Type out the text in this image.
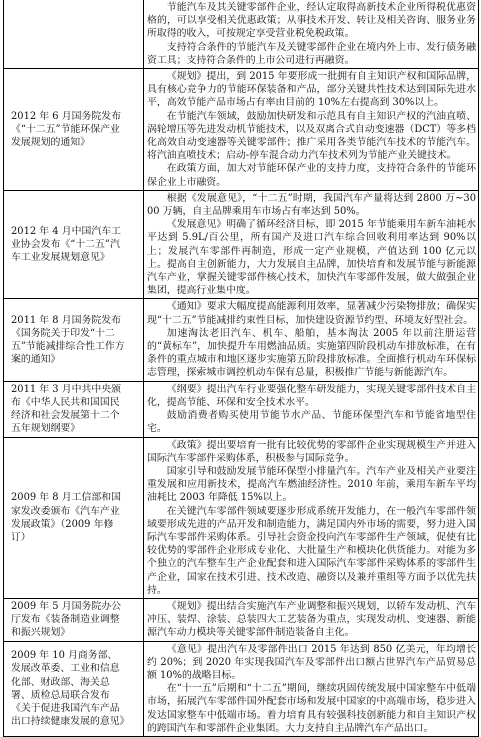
	节能汽车及其关键零部件企业，经认定取得高新技术企业所得税优惠资格的，可以享受相关优惠政策；从事技术开发、转让及相关咨询、服务业务所取得的收入，可按规定享受营业税免税政策。

支持符合条件的节能汽车及关键零部件企业在境内外上市、发行债务融资工具；支持符合条件的上市公司进行再融资。

2012 年 6 月国务院发布《“十二五”节能环保产业发展规划的通知》	《规划》提出，到 2015 年要形成一批拥有自主知识产权和国际品牌，具有核心竞争力的节能环保装备和产品，部分关键共性技术达到国际先进水平，高效节能产品市场占有率由目前的 10%左右提高到 30%以上。

在节能汽车领域，鼓励加快研发和示范具有自主知识产权的汽油直喷、涡轮增压等先进发动机节能技术，以及双离合式自动变速器（DCT）等多档化高效自动变速器等关键零部件；推广采用各类节能汽车技术的节能汽车。将汽油直喷技术；启动-停车混合动力汽车技术列为节能产业关键技术。

在政策方面，加大对节能环保产业的支持力度，支持符合条件的节能环保企业上市融资。

2012 年 4 月中国汽车工业协会发布《“十二五”汽车工业发展规划意见》	根据《发展意见》，“十二五”时期，我国汽车产量将达到 2800 万~3000 万辆，自主品牌乘用车市场占有率达到 50%。

《发展意见》明确了循环经济目标，即 2015 年节能乘用车新车油耗水平达到 5.9L/百公里，所有国产及进口汽车综合回收利用率达到 90%以上；发展汽车零部件再制造，形成一定产业规模，产值达到 100 亿元以上。提高自主创新能力，大力发展自主品牌，加快培育和发展节能与新能源汽车产业，掌握关键零部件核心技术，加快汽车零部件发展，做大做强企业集团，提高行业集中度。

2011 年 8 月国务院发布《国务院关于印发“十二五”节能减排综合性工作方案的通知》	《通知》要求大幅度提高能源利用效率，显著减少污染物排放；确保实现“十二五”节能减排约束性目标，加快建设资源节约型、环境友好型社会。

加速淘汰老旧汽车、机车、船舶，基本淘汰 2005 年以前注册运营的“黄标车”，加快提升车用燃油品质。实施第四阶段机动车排放标准，在有条件的重点城市和地区逐步实施第五阶段排放标准。全面推行机动车环保标志管理，探索城市调控机动车保有总量，积极推广节能与新能源汽车。

2011 年 3 月中共中央颁布《中华人民共和国国民经济和社会发展第十二个五年规划纲要》	《纲要》提出汽车行业要强化整车研发能力，实现关键零部件技术自主化，提高节能、环保和安全技术水平。

鼓励消费者购买使用节能节水产品、节能环保型汽车和节能省地型住宅。

2009 年 8 月工信部和国家发改委颁布《汽车产业发展政策》（2009 年修订）	《政策》提出要培育一批有比较优势的零部件企业实现规模生产并进入国际汽车零部件采购体系，积极参与国际竞争。

国家引导和鼓励发展节能环保型小排量汽车。汽车产业及相关产业要注重发展和应用新技术，提高汽车燃油经济性。2010 年前，乘用车新车平均油耗比 2003 年降低 15%以上。

在关键汽车零部件领域要逐步形成系统开发能力，在一般汽车零部件领域要形成先进的产品开发和制造能力，满足国内外市场的需要，努力进入国际汽车零部件采购体系。引导社会资金投向汽车零部件生产领域，促使有比较优势的零部件企业形成专业化、大批量生产和模块化供货能力。对能为多个独立的汽车整车生产企业配套和进入国际汽车零部件采购体系的零部件生产企业，国家在技术引进、技术改造、融资以及兼并重组等方面予以优先扶持。

2009 年 5 月国务院办公厅发布《装备制造业调整和振兴规划》	《规划》提出结合实施汽车产业调整和振兴规划，以轿车发动机、汽车冲压、装焊、涂装、总装四大工艺装备为重点，实现发动机、变速器、新能源汽车动力模块等关键零部件制造装备自主化。

2009 年 10 月商务部、发展改革委、工业和信息化部、财政部、海关总署、质检总局联合发布《关于促进我国汽车产品出口持续健康发展的意见》	《意见》提出汽车及零部件出口 2015 年达到 850 亿美元，年均增长约 20%；到 2020 年实现我国汽车及零部件出口额占世界汽车产品贸易总额 10%的战略目标。

在“十一五”后期和“十二五”期间，继续巩固传统发展中国家整车中低端市场，拓展汽车零部件国外配套市场和发展中国家的中高端市场，稳步进入发达国家整车中低端市场。着力培育具有较强科技创新能力和自主知识产权的跨国汽车和零部件企业集团。大力支持自主品牌汽车产品出口。
